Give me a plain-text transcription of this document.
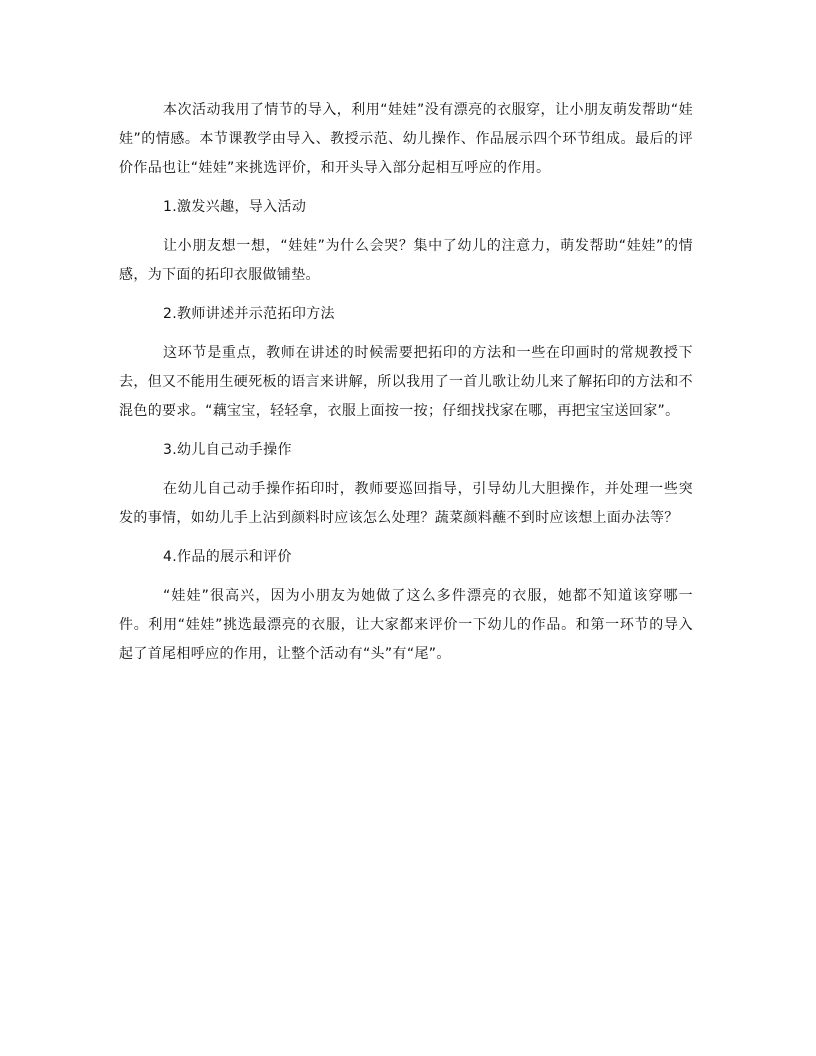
本次活动我用了情节的导入，利用“娃娃”没有漂亮的衣服穿，让小朋友萌发帮助“娃娃”的情感。本节课教学由导入、教授示范、幼儿操作、作品展示四个环节组成。最后的评价作品也让“娃娃”来挑选评价，和开头导入部分起相互呼应的作用。

1.激发兴趣，导入活动

让小朋友想一想，“娃娃”为什么会哭？集中了幼儿的注意力，萌发帮助“娃娃”的情感，为下面的拓印衣服做铺垫。

2.教师讲述并示范拓印方法

这环节是重点，教师在讲述的时候需要把拓印的方法和一些在印画时的常规教授下去，但又不能用生硬死板的语言来讲解，所以我用了一首儿歌让幼儿来了解拓印的方法和不混色的要求。“藕宝宝，轻轻拿，衣服上面按一按；仔细找找家在哪，再把宝宝送回家”。

3.幼儿自己动手操作

在幼儿自己动手操作拓印时，教师要巡回指导，引导幼儿大胆操作，并处理一些突发的事情，如幼儿手上沾到颜料时应该怎么处理？蔬菜颜料蘸不到时应该想上面办法等？

4.作品的展示和评价

“娃娃”很高兴，因为小朋友为她做了这么多件漂亮的衣服，她都不知道该穿哪一件。利用“娃娃”挑选最漂亮的衣服，让大家都来评价一下幼儿的作品。和第一环节的导入起了首尾相呼应的作用，让整个活动有“头”有“尾”。
